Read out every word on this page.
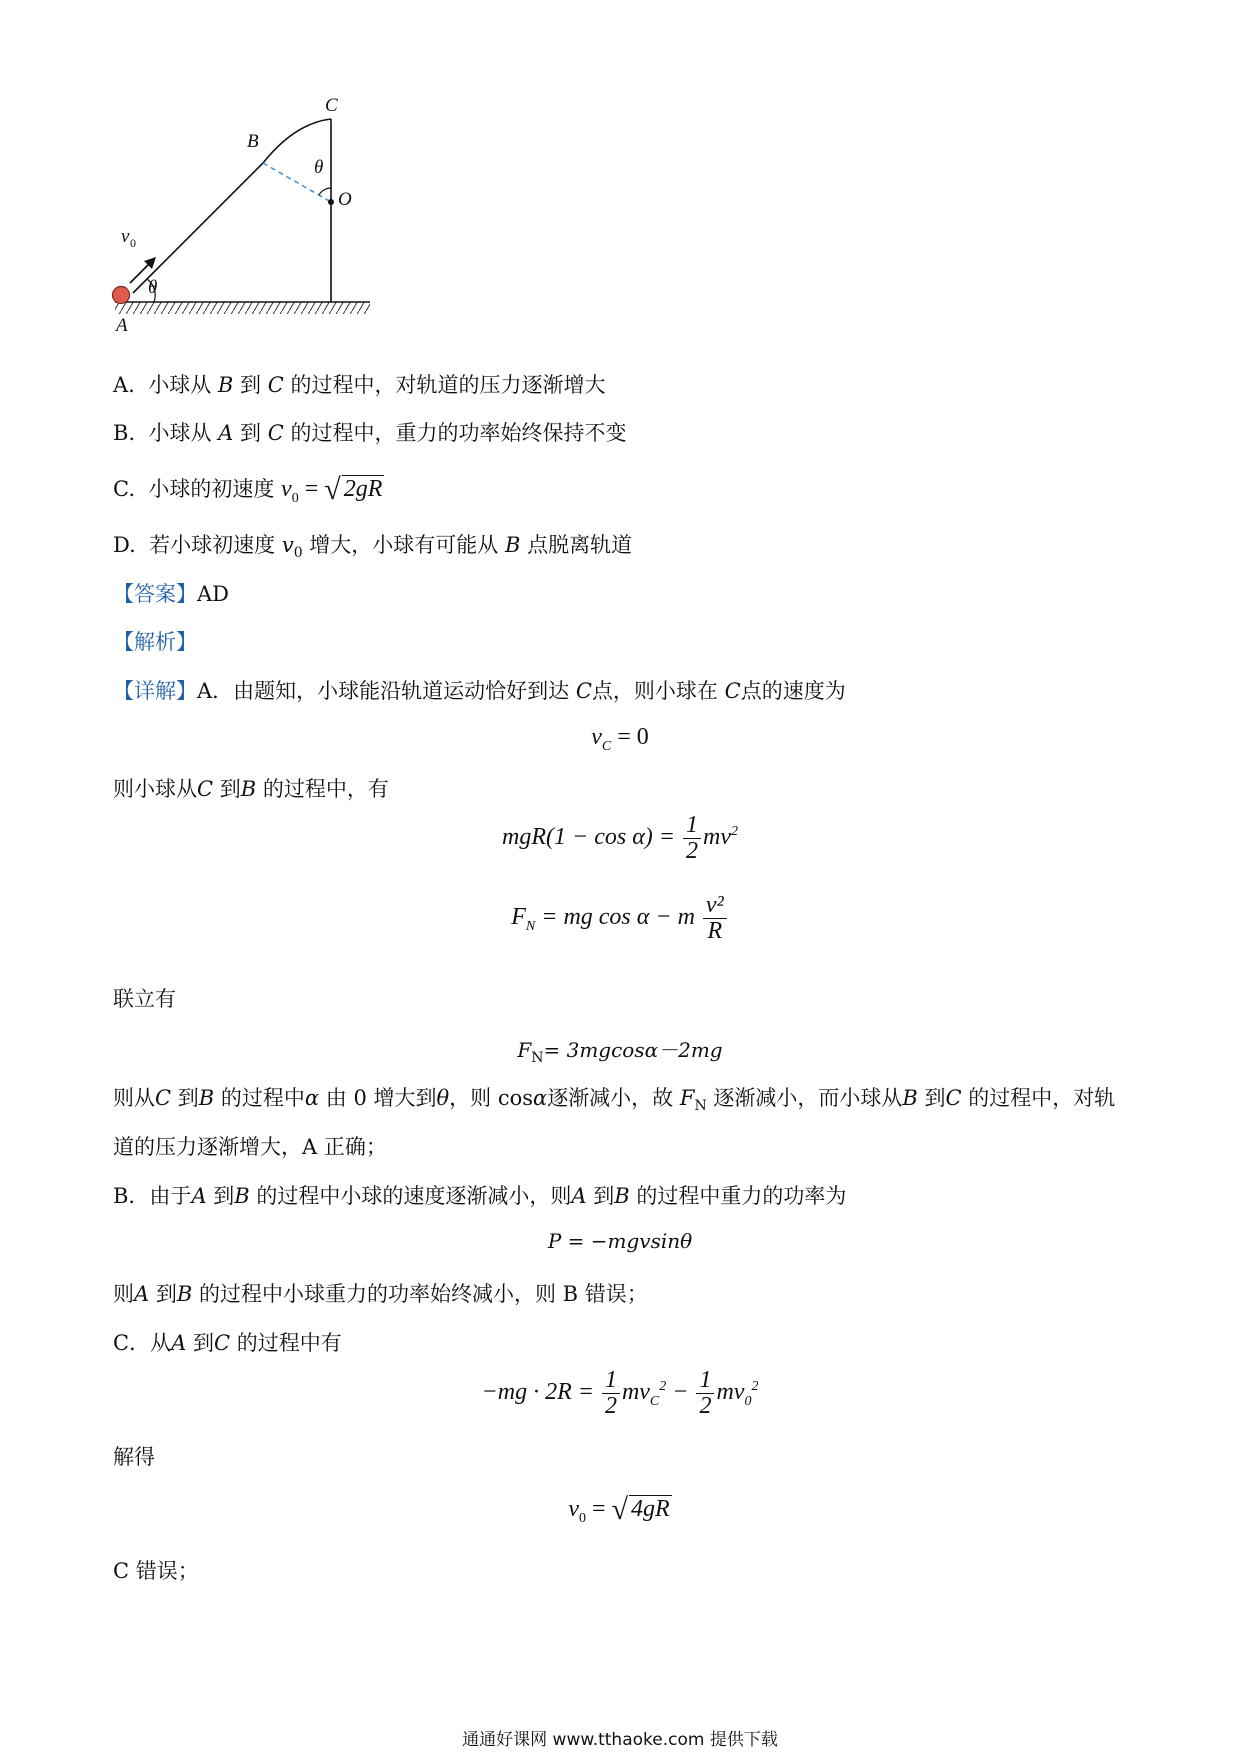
C
B
θ
O
v 0
θ
A
A. 小球从 B 到 C 的过程中，对轨道的压力逐渐增大
B. 小球从 A 到 C 的过程中，重力的功率始终保持不变
C. 小球的初速度 $v_0$ = √ 2gR
D. 若小球初速度 $v_0$ 增大，小球有可能从 B 点脱离轨道
【答案】AD
【解析】
【详解】A．由题知，小球能沿轨道运动恰好到达 C点，则小球在 C点的速度为
$v_C = 0$
则小球从C 到B 的过程中，有
$mgR(1 - \cos \alpha) = \frac{1}{2} mv^2$
$F_N$ = mg cos α − m $\frac{\text{v²}}{R}$
联立有
$F_N= 3mgcos\alpha-2mg$
则从C 到B 的过程中α 由 0 增大到θ，则 cosα逐渐减小，故 $F_N$ 逐渐减小，而小球从B 到C 的过程中，对轨
道的压力逐渐增大，A 正确；
B．由于A 到B 的过程中小球的速度逐渐减小，则A 到B 的过程中重力的功率为
P = −mgvsinθ
则A 到B 的过程中小球重力的功率始终减小，则 B 错误；
C．从A 到C 的过程中有
$-mg \cdot 2R = \frac{1}{2} mv_C^2 - \frac{1}{2} mv_0^2$
解得
$v_0$ = √ 4gR
C 错误；
通通好课网 www.tthaoke.com 提供下载
